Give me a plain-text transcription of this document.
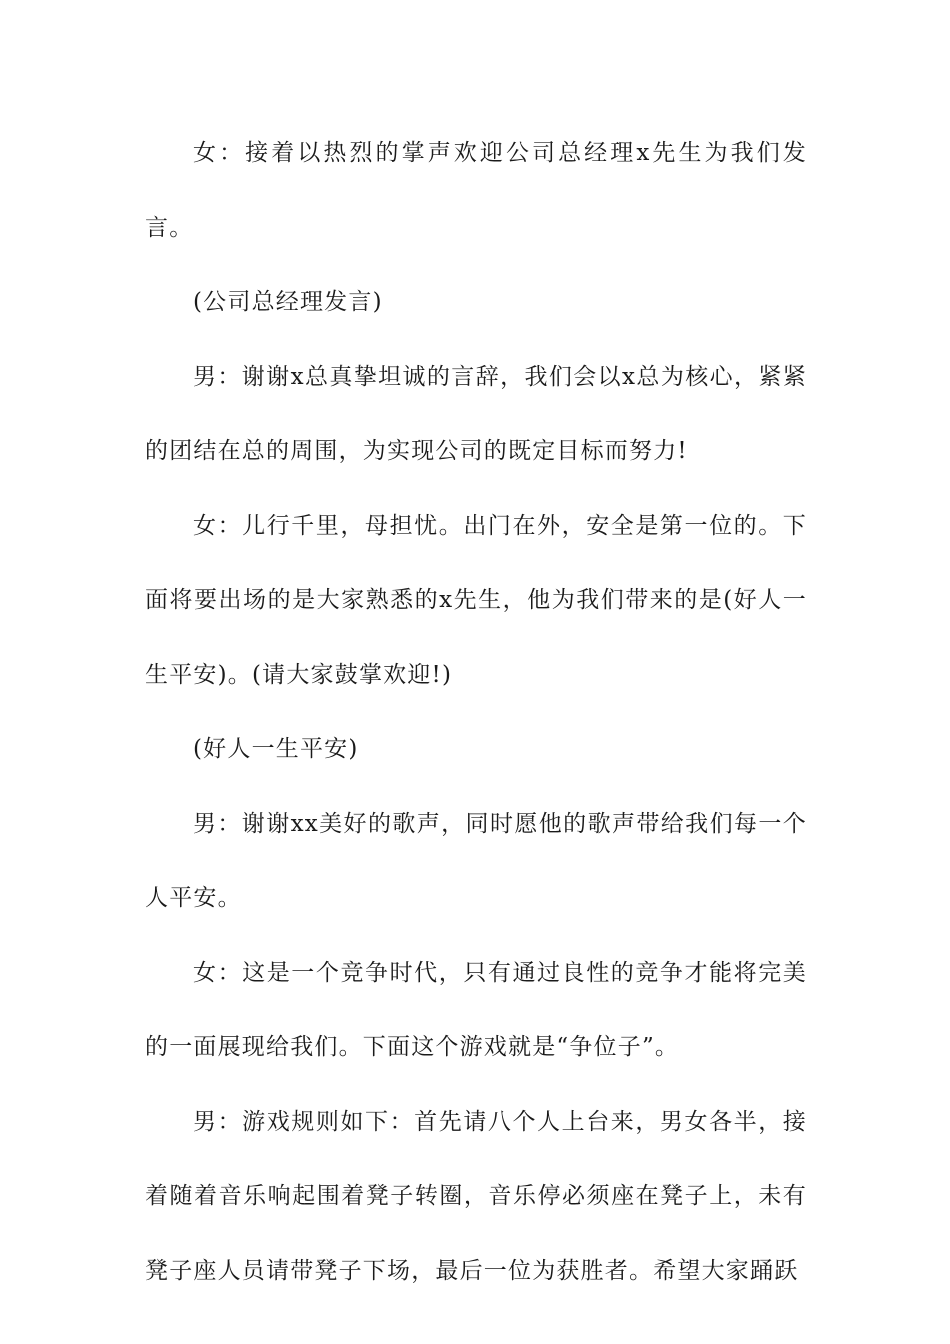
女：接着以热烈的掌声欢迎公司总经理x先生为我们发言。

(公司总经理发言)

男：谢谢x总真挚坦诚的言辞，我们会以x总为核心，紧紧的团结在总的周围，为实现公司的既定目标而努力!

女：儿行千里，母担忧。出门在外，安全是第一位的。下面将要出场的是大家熟悉的x先生，他为我们带来的是(好人一生平安)。(请大家鼓掌欢迎!)

(好人一生平安)

男：谢谢xx美好的歌声，同时愿他的歌声带给我们每一个人平安。

女：这是一个竞争时代，只有通过良性的竞争才能将完美的一面展现给我们。下面这个游戏就是“争位子”。

男：游戏规则如下：首先请八个人上台来，男女各半，接着随着音乐响起围着凳子转圈，音乐停必须座在凳子上，未有凳子座人员请带凳子下场，最后一位为获胜者。希望大家踊跃
